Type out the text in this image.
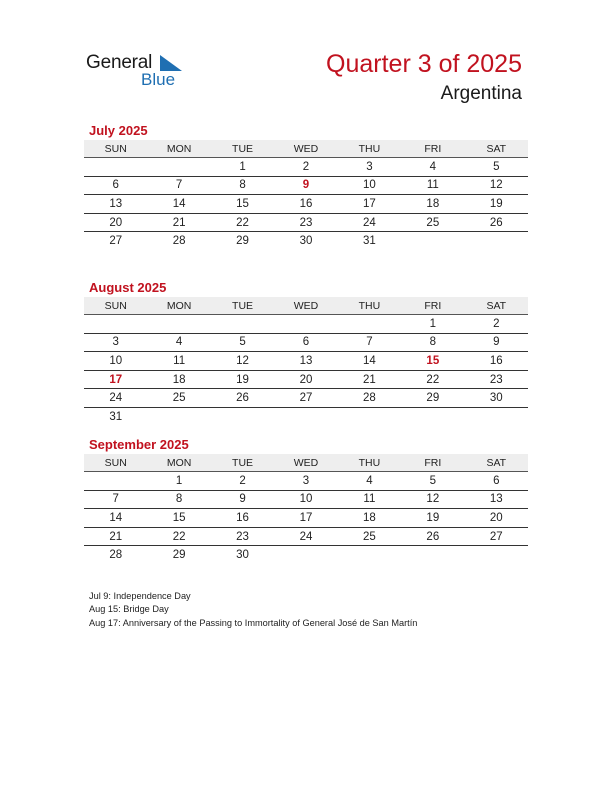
General
Blue
Quarter 3 of 2025
Argentina
July 2025
SUN	MON	TUE	WED	THU	FRI	SAT
		1	2	3	4	5
6	7	8	9	10	11	12
13	14	15	16	17	18	19
20	21	22	23	24	25	26
27	28	29	30	31		
August 2025
SUN	MON	TUE	WED	THU	FRI	SAT
					1	2
3	4	5	6	7	8	9
10	11	12	13	14	15	16
17	18	19	20	21	22	23
24	25	26	27	28	29	30
31						
September 2025
SUN	MON	TUE	WED	THU	FRI	SAT
	1	2	3	4	5	6
7	8	9	10	11	12	13
14	15	16	17	18	19	20
21	22	23	24	25	26	27
28	29	30				
Jul 9: Independence Day
Aug 15: Bridge Day
Aug 17: Anniversary of the Passing to Immortality of General José de San Martín
